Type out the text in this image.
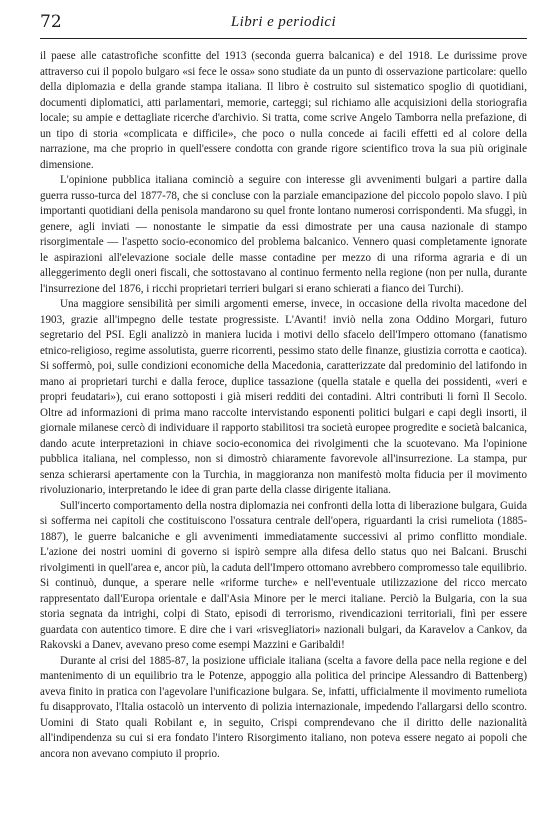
72	Libri e periodici

il paese alle catastrofiche sconfitte del 1913 (seconda guerra balcanica) e del 1918. Le durissime prove attraverso cui il popolo bulgaro «si fece le ossa» sono studiate da un punto di osservazione particolare: quello della diplomazia e della grande stampa italiana. Il libro è costruito sul sistematico spoglio di quotidiani, documenti diplomatici, atti parlamentari, memorie, carteggi; sul richiamo alle acquisizioni della storiografia locale; su ampie e dettagliate ricerche d'archivio. Si tratta, come scrive Angelo Tamborra nella prefazione, di un tipo di storia «complicata e difficile», che poco o nulla concede ai facili effetti ed al colore della narrazione, ma che proprio in quell'essere condotta con grande rigore scientifico trova la sua più originale dimensione.

L'opinione pubblica italiana cominciò a seguire con interesse gli avvenimenti bulgari a partire dalla guerra russo-turca del 1877-78, che si concluse con la parziale emancipazione del piccolo popolo slavo. I più importanti quotidiani della penisola mandarono su quel fronte lontano numerosi corrispondenti. Ma sfuggì, in genere, agli inviati — nonostante le simpatie da essi dimostrate per una causa nazionale di stampo risorgimentale — l'aspetto socio-economico del problema balcanico. Vennero quasi completamente ignorate le aspirazioni all'elevazione sociale delle masse contadine per mezzo di una riforma agraria e di un alleggerimento degli oneri fiscali, che sottostavano al continuo fermento nella regione (non per nulla, durante l'insurrezione del 1876, i ricchi proprietari terrieri bulgari si erano schierati a fianco dei Turchi).

Una maggiore sensibilità per simili argomenti emerse, invece, in occasione della rivolta macedone del 1903, grazie all'impegno delle testate progressiste. L'Avanti! inviò nella zona Oddino Morgari, futuro segretario del PSI. Egli analizzò in maniera lucida i motivi dello sfacelo dell'Impero ottomano (fanatismo etnico-religioso, regime assolutista, guerre ricorrenti, pessimo stato delle finanze, giustizia corrotta e caotica). Si soffermò, poi, sulle condizioni economiche della Macedonia, caratterizzate dal predominio del latifondo in mano ai proprietari turchi e dalla feroce, duplice tassazione (quella statale e quella dei possidenti, «veri e propri feudatari»), cui erano sottoposti i già miseri redditi dei contadini. Altri contributi li fornì Il Secolo. Oltre ad informazioni di prima mano raccolte intervistando esponenti politici bulgari e capi degli insorti, il giornale milanese cercò di individuare il rapporto stabilitosi tra società europee progredite e società balcanica, dando acute interpretazioni in chiave socio-economica dei rivolgimenti che la scuotevano. Ma l'opinione pubblica italiana, nel complesso, non si dimostrò chiaramente favorevole all'insurrezione. La stampa, pur senza schierarsi apertamente con la Turchia, in maggioranza non manifestò molta fiducia per il movimento rivoluzionario, interpretando le idee di gran parte della classe dirigente italiana.

Sull'incerto comportamento della nostra diplomazia nei confronti della lotta di liberazione bulgara, Guida si sofferma nei capitoli che costituiscono l'ossatura centrale dell'opera, riguardanti la crisi rumeliota (1885-1887), le guerre balcaniche e gli avvenimenti immediatamente successivi al primo conflitto mondiale. L'azione dei nostri uomini di governo si ispirò sempre alla difesa dello status quo nei Balcani. Bruschi rivolgimenti in quell'area e, ancor più, la caduta dell'Impero ottomano avrebbero compromesso tale equilibrio. Si continuò, dunque, a sperare nelle «riforme turche» e nell'eventuale utilizzazione del ricco mercato rappresentato dall'Europa orientale e dall'Asia Minore per le merci italiane. Perciò la Bulgaria, con la sua storia segnata da intrighi, colpi di Stato, episodi di terrorismo, rivendicazioni territoriali, finì per essere guardata con autentico timore. E dire che i vari «risvegliatori» nazionali bulgari, da Karavelov a Cankov, da Rakovski a Danev, avevano preso come esempi Mazzini e Garibaldi!

Durante al crisi del 1885-87, la posizione ufficiale italiana (scelta a favore della pace nella regione e del mantenimento di un equilibrio tra le Potenze, appoggio alla politica del principe Alessandro di Battenberg) aveva finito in pratica con l'agevolare l'unificazione bulgara. Se, infatti, ufficialmente il movimento rumeliota fu disapprovato, l'Italia ostacolò un intervento di polizia internazionale, impedendo l'allargarsi dello scontro. Uomini di Stato quali Robilant e, in seguito, Crispi comprendevano che il diritto delle nazionalità all'indipendenza su cui si era fondato l'intero Risorgimento italiano, non poteva essere negato ai popoli che ancora non avevano compiuto il proprio.
